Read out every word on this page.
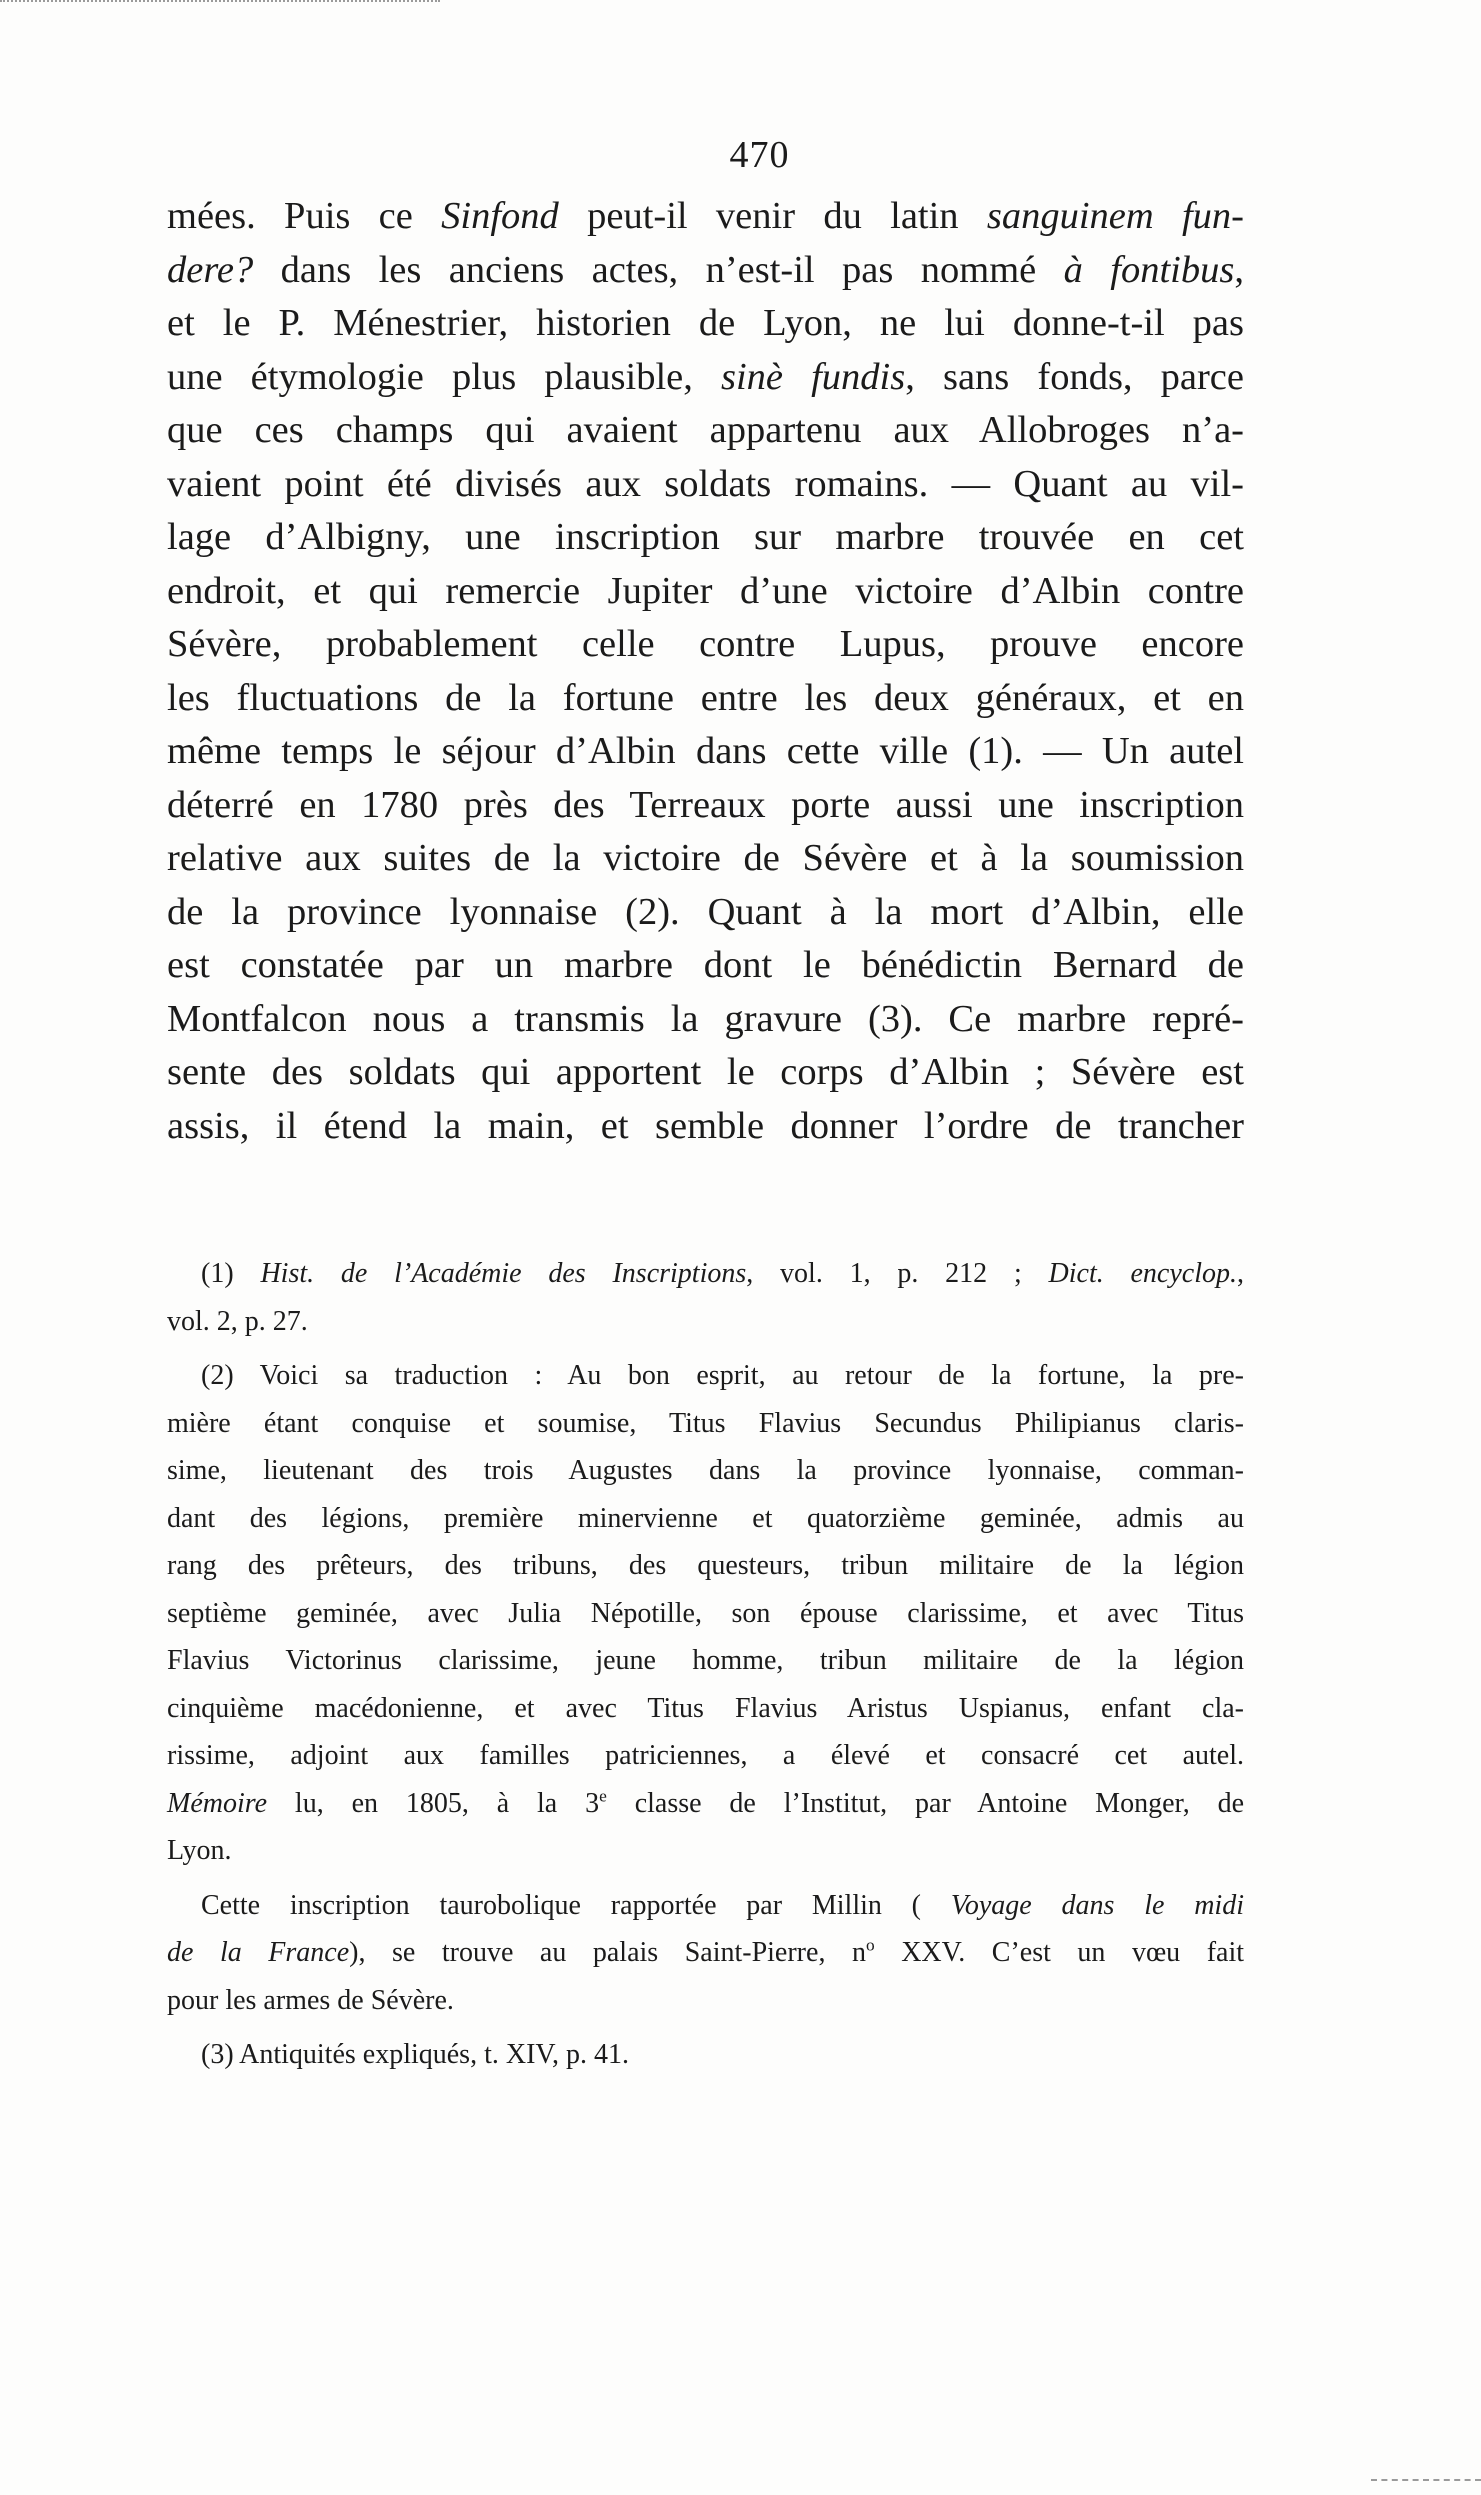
470
mées. Puis ce Sinfond peut-il venir du latin sanguinem fun-
dere? dans les anciens actes, n’est-il pas nommé à fontibus,
et le P. Ménestrier, historien de Lyon, ne lui donne-t-il pas
une étymologie plus plausible, sinè fundis, sans fonds, parce
que ces champs qui avaient appartenu aux Allobroges n’a-
vaient point été divisés aux soldats romains. — Quant au vil-
lage d’Albigny, une inscription sur marbre trouvée en cet
endroit, et qui remercie Jupiter d’une victoire d’Albin contre
Sévère, probablement celle contre Lupus, prouve encore
les fluctuations de la fortune entre les deux généraux, et en
même temps le séjour d’Albin dans cette ville (1). — Un autel
déterré en 1780 près des Terreaux porte aussi une inscription
relative aux suites de la victoire de Sévère et à la soumission
de la province lyonnaise (2). Quant à la mort d’Albin, elle
est constatée par un marbre dont le bénédictin Bernard de
Montfalcon nous a transmis la gravure (3). Ce marbre repré-
sente des soldats qui apportent le corps d’Albin ; Sévère est
assis, il étend la main, et semble donner l’ordre de trancher
(1) Hist. de l’Académie des Inscriptions, vol. 1, p. 212 ; Dict. encyclop.,
vol. 2, p. 27.
(2) Voici sa traduction : Au bon esprit, au retour de la fortune, la pre-
mière étant conquise et soumise, Titus Flavius Secundus Philipianus claris-
sime, lieutenant des trois Augustes dans la province lyonnaise, comman-
dant des légions, première minervienne et quatorzième geminée, admis au
rang des prêteurs, des tribuns, des questeurs, tribun militaire de la légion
septième geminée, avec Julia Népotille, son épouse clarissime, et avec Titus
Flavius Victorinus clarissime, jeune homme, tribun militaire de la légion
cinquième macédonienne, et avec Titus Flavius Aristus Uspianus, enfant cla-
rissime, adjoint aux familles patriciennes, a élevé et consacré cet autel.
Mémoire lu, en 1805, à la 3e classe de l’Institut, par Antoine Monger, de
Lyon.
Cette inscription taurobolique rapportée par Millin ( Voyage dans le midi
de la France), se trouve au palais Saint-Pierre, $n^o$ XXV. C’est un vœu fait
pour les armes de Sévère.
(3) Antiquités expliqués, t. XIV, p. 41.
